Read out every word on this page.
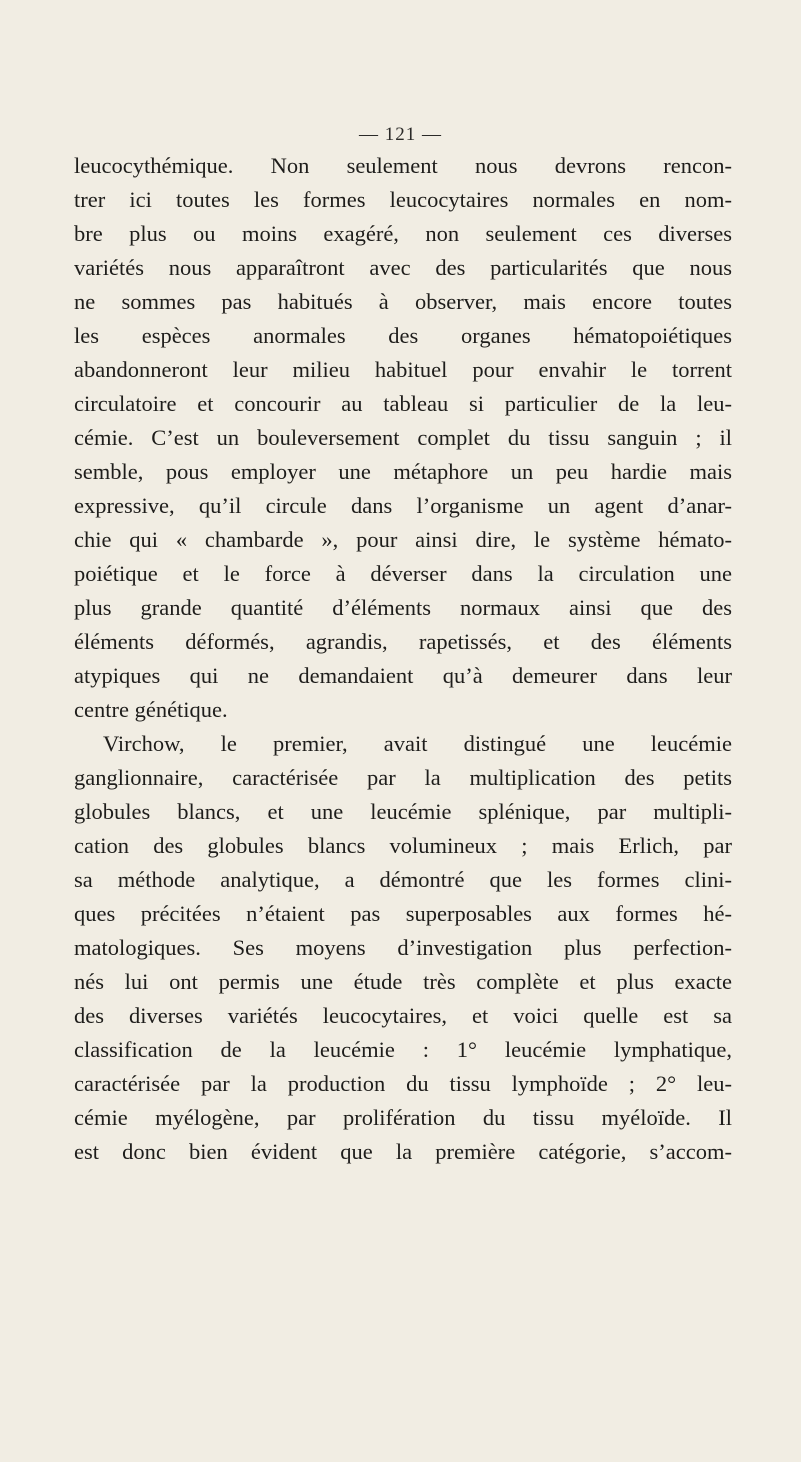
— 121 —
leucocythémique. Non seulement nous devrons rencon-
trer ici toutes les formes leucocytaires normales en nom-
bre plus ou moins exagéré, non seulement ces diverses
variétés nous apparaîtront avec des particularités que nous
ne sommes pas habitués à observer, mais encore toutes
les espèces anormales des organes hématopoiétiques
abandonneront leur milieu habituel pour envahir le torrent
circulatoire et concourir au tableau si particulier de la leu-
cémie. C’est un bouleversement complet du tissu sanguin ; il
semble, pous employer une métaphore un peu hardie mais
expressive, qu’il circule dans l’organisme un agent d’anar-
chie qui « chambarde », pour ainsi dire, le système hémato-
poiétique et le force à déverser dans la circulation une
plus grande quantité d’éléments normaux ainsi que des
éléments déformés, agrandis, rapetissés, et des éléments
atypiques qui ne demandaient qu’à demeurer dans leur
centre génétique.
Virchow, le premier, avait distingué une leucémie
ganglionnaire, caractérisée par la multiplication des petits
globules blancs, et une leucémie splénique, par multipli-
cation des globules blancs volumineux ; mais Erlich, par
sa méthode analytique, a démontré que les formes clini-
ques précitées n’étaient pas superposables aux formes hé-
matologiques. Ses moyens d’investigation plus perfection-
nés lui ont permis une étude très complète et plus exacte
des diverses variétés leucocytaires, et voici quelle est sa
classification de la leucémie : 1° leucémie lymphatique,
caractérisée par la production du tissu lymphoïde ; 2° leu-
cémie myélogène, par prolifération du tissu myéloïde. Il
est donc bien évident que la première catégorie, s’accom-
